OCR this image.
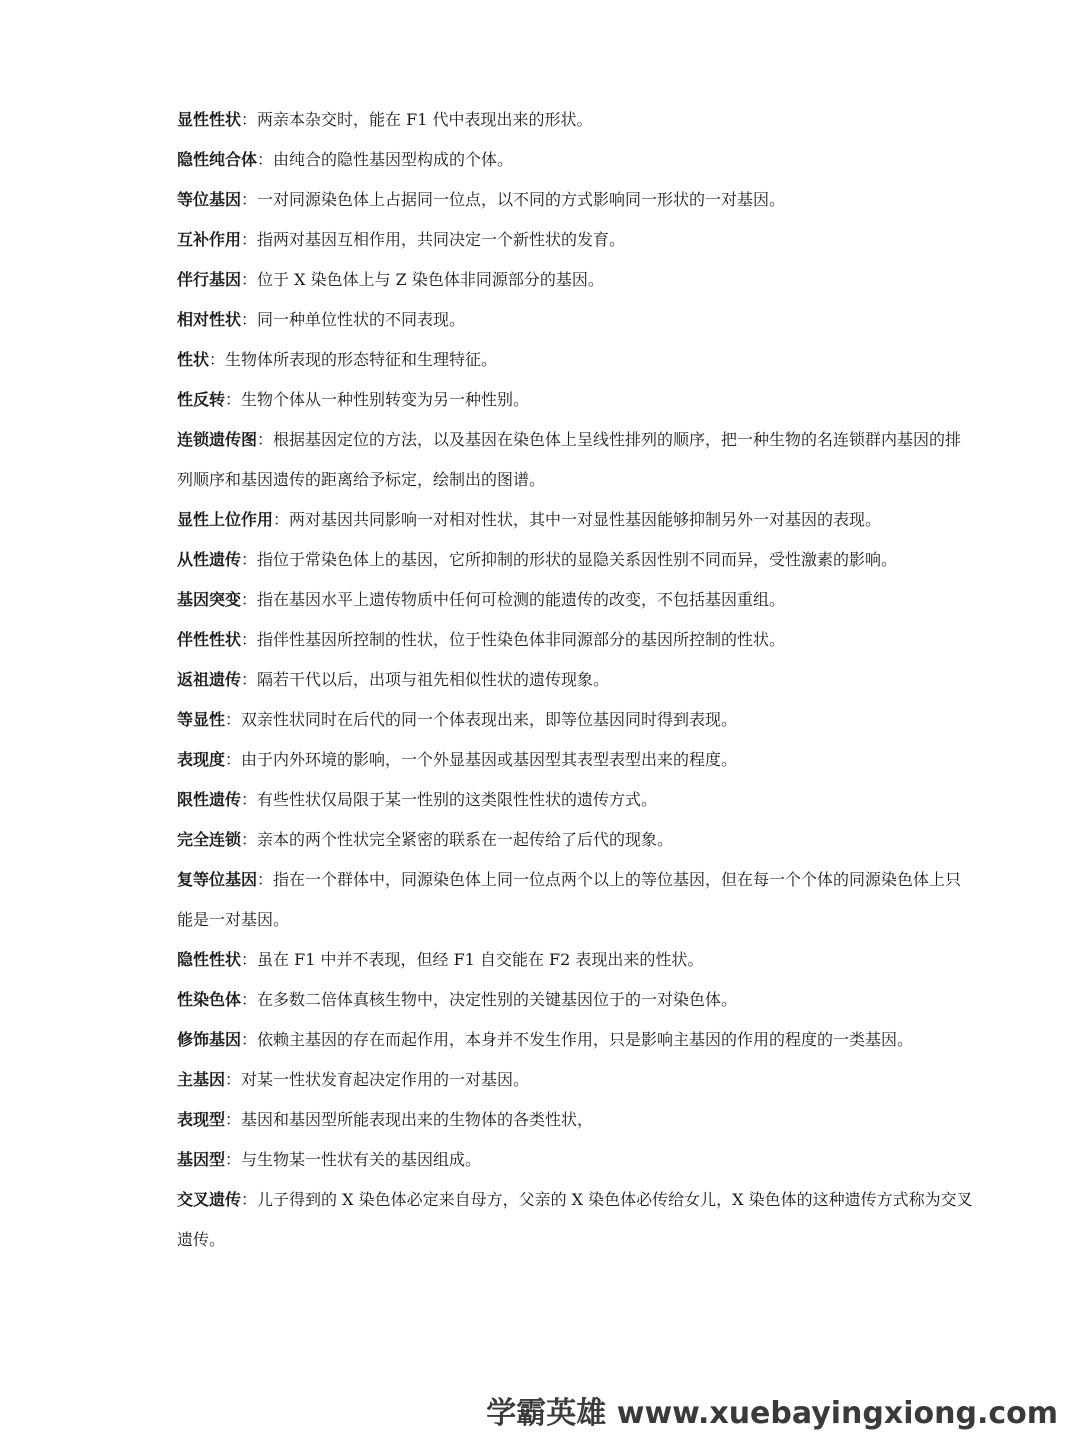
显性性状：两亲本杂交时，能在 F1 代中表现出来的形状。

隐性纯合体：由纯合的隐性基因型构成的个体。

等位基因：一对同源染色体上占据同一位点，以不同的方式影响同一形状的一对基因。

互补作用：指两对基因互相作用，共同决定一个新性状的发育。

伴行基因：位于 X 染色体上与 Z 染色体非同源部分的基因。

相对性状：同一种单位性状的不同表现。

性状：生物体所表现的形态特征和生理特征。

性反转：生物个体从一种性别转变为另一种性别。

连锁遗传图：根据基因定位的方法，以及基因在染色体上呈线性排列的顺序，把一种生物的名连锁群内基因的排列顺序和基因遗传的距离给予标定，绘制出的图谱。

显性上位作用：两对基因共同影响一对相对性状，其中一对显性基因能够抑制另外一对基因的表现。

从性遗传：指位于常染色体上的基因，它所抑制的形状的显隐关系因性别不同而异，受性激素的影响。

基因突变：指在基因水平上遗传物质中任何可检测的能遗传的改变，不包括基因重组。

伴性性状：指伴性基因所控制的性状，位于性染色体非同源部分的基因所控制的性状。

返祖遗传：隔若干代以后，出项与祖先相似性状的遗传现象。

等显性：双亲性状同时在后代的同一个体表现出来，即等位基因同时得到表现。

表现度：由于内外环境的影响，一个外显基因或基因型其表型表型出来的程度。

限性遗传：有些性状仅局限于某一性别的这类限性性状的遗传方式。

完全连锁：亲本的两个性状完全紧密的联系在一起传给了后代的现象。

复等位基因：指在一个群体中，同源染色体上同一位点两个以上的等位基因，但在每一个个体的同源染色体上只能是一对基因。

隐性性状：虽在 F1 中并不表现，但经 F1 自交能在 F2 表现出来的性状。

性染色体：在多数二倍体真核生物中，决定性别的关键基因位于的一对染色体。

修饰基因：依赖主基因的存在而起作用，本身并不发生作用，只是影响主基因的作用的程度的一类基因。

主基因：对某一性状发育起决定作用的一对基因。

表现型：基因和基因型所能表现出来的生物体的各类性状，

基因型：与生物某一性状有关的基因组成。

交叉遗传：儿子得到的 X 染色体必定来自母方，父亲的 X 染色体必传给女儿，X 染色体的这种遗传方式称为交叉遗传。

学霸英雄 www.xuebayingxiong.com
